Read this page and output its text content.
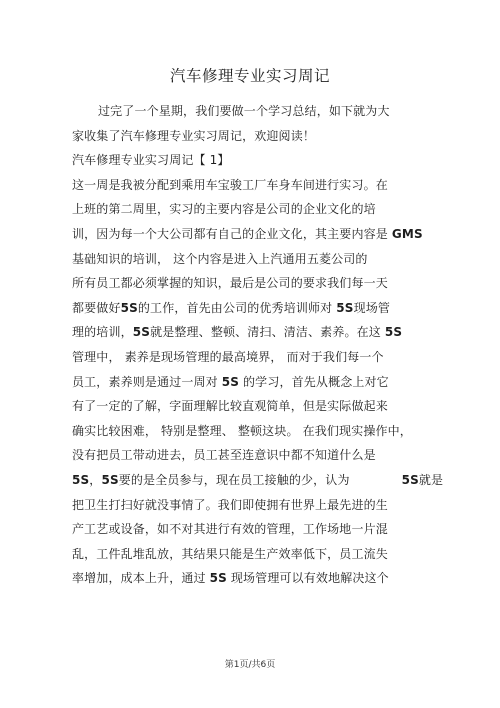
汽车修理专业实习周记
过完了一个星期，我们要做一个学习总结，如下就为大
家收集了汽车修理专业实习周记，欢迎阅读！
汽车修理专业实习周记【 1】
这一周是我被分配到乘用车宝骏工厂车身车间进行实习。在
上班的第二周里，实习的主要内容是公司的企业文化的培
训，因为每一个大公司都有自己的企业文化，其主要内容是 GMS
基础知识的培训， 这个内容是进入上汽通用五菱公司的
所有员工都必须掌握的知识，最后是公司的要求我们每一天
都要做好5S的工作，首先由公司的优秀培训师对 5S现场管
理的培训，5S就是整理、整顿、清扫、清洁、素养。在这 5S
管理中， 素养是现场管理的最高境界， 而对于我们每一个
员工，素养则是通过一周对 5S 的学习，首先从概念上对它
有了一定的了解，字面理解比较直观简单，但是实际做起来
确实比较困难， 特别是整理、 整顿这块。 在我们现实操作中，
没有把员工带动进去，员工甚至连意识中都不知道什么是
5S，5S要的是全员参与，现在员工接触的少，认为	5S就是
把卫生打扫好就没事情了。我们即使拥有世界上最先进的生
产工艺或设备，如不对其进行有效的管理，工作场地一片混
乱，工件乱堆乱放，其结果只能是生产效率低下，员工流失
率增加，成本上升，通过 5S 现场管理可以有效地解决这个
第1页/共6页
